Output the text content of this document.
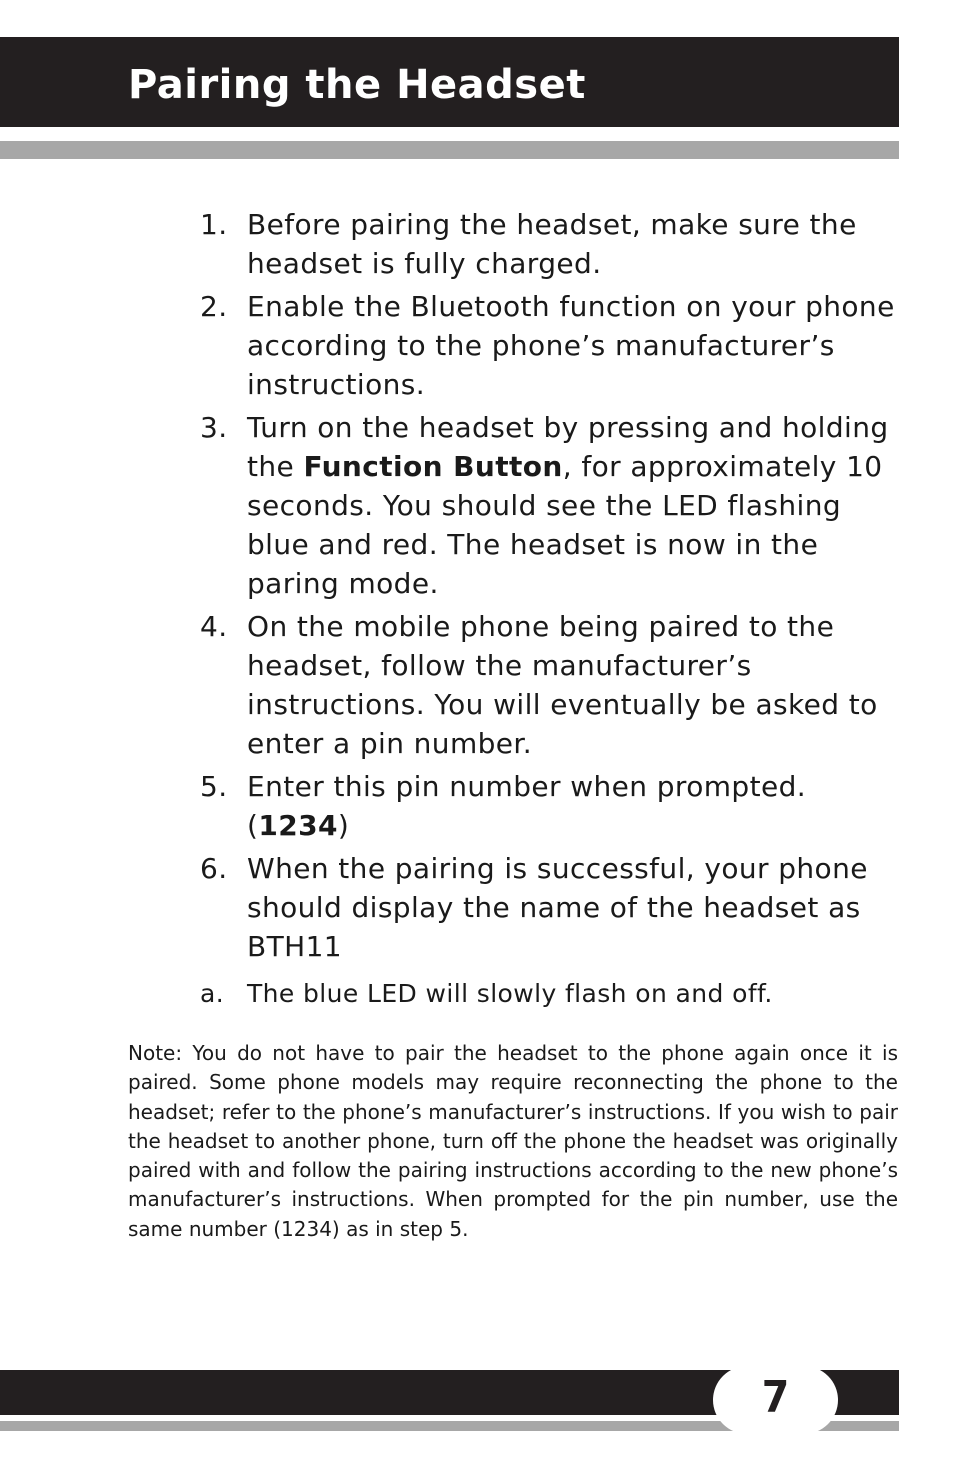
Pairing the Headset
1. Before pairing the headset, make sure the headset is fully charged.
2. Enable the Bluetooth function on your phone according to the phone’s manufacturer’s instructions.
3. Turn on the headset by pressing and holding the Function Button, for approximately 10 seconds. You should see the LED flashing blue and red. The headset is now in the paring mode.
4. On the mobile phone being paired to the headset, follow the manufacturer’s instructions. You will eventually be asked to enter a pin number.
5. Enter this pin number when prompted. (1234)
6. When the pairing is successful, your phone should display the name of the headset as BTH11
a. The blue LED will slowly flash on and off.

Note: You do not have to pair the headset to the phone again once it is paired. Some phone models may require reconnecting the phone to the headset; refer to the phone’s manufacturer’s instructions. If you wish to pair the headset to another phone, turn off the phone the headset was originally paired with and follow the pairing instructions according to the new phone’s manufacturer’s instructions. When prompted for the pin number, use the same number (1234) as in step 5.

7
